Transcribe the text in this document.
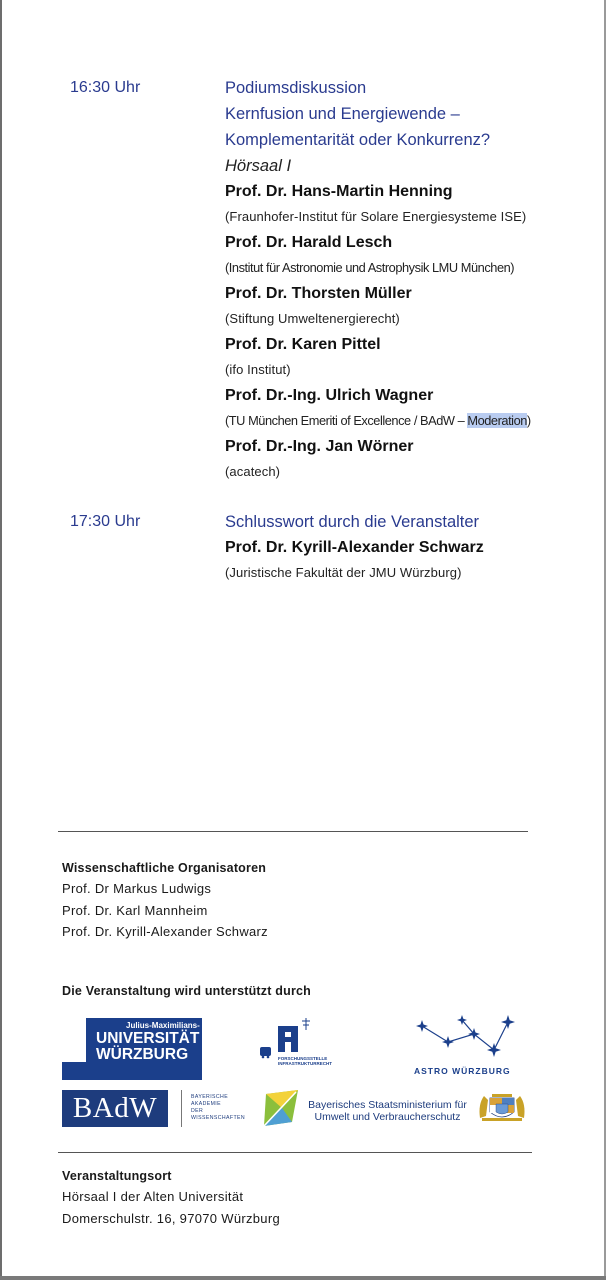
16:30 Uhr	Podiumsdiskussion
Kernfusion und Energiewende –
Komplementarität oder Konkurrenz?
Hörsaal I
Prof. Dr. Hans-Martin Henning
(Fraunhofer-Institut für Solare Energiesysteme ISE)
Prof. Dr. Harald Lesch
(Institut für Astronomie und Astrophysik LMU München)
Prof. Dr. Thorsten Müller
(Stiftung Umweltenergierecht)
Prof. Dr. Karen Pittel
(ifo Institut)
Prof. Dr.-Ing. Ulrich Wagner
(TU München Emeriti of Excellence / BAdW – Moderation)
Prof. Dr.-Ing. Jan Wörner
(acatech)
17:30 Uhr	Schlusswort durch die Veranstalter
Prof. Dr. Kyrill-Alexander Schwarz
(Juristische Fakultät der JMU Würzburg)
Wissenschaftliche Organisatoren
Prof. Dr Markus Ludwigs
Prof. Dr. Karl Mannheim
Prof. Dr. Kyrill-Alexander Schwarz
Die Veranstaltung wird unterstützt durch
Julius-Maximilians-
UNIVERSITÄT
WÜRZBURG	FORSCHUNGSSTELLE
INFRASTRUKTURRECHT
ASTRO WÜRZBURG
BAdW	BAYERISCHE
AKADEMIE
DER
WISSENSCHAFTEN
Bayerisches Staatsministerium für
Umwelt und Verbraucherschutz
Veranstaltungsort
Hörsaal I der Alten Universität
Domerschulstr. 16, 97070 Würzburg
